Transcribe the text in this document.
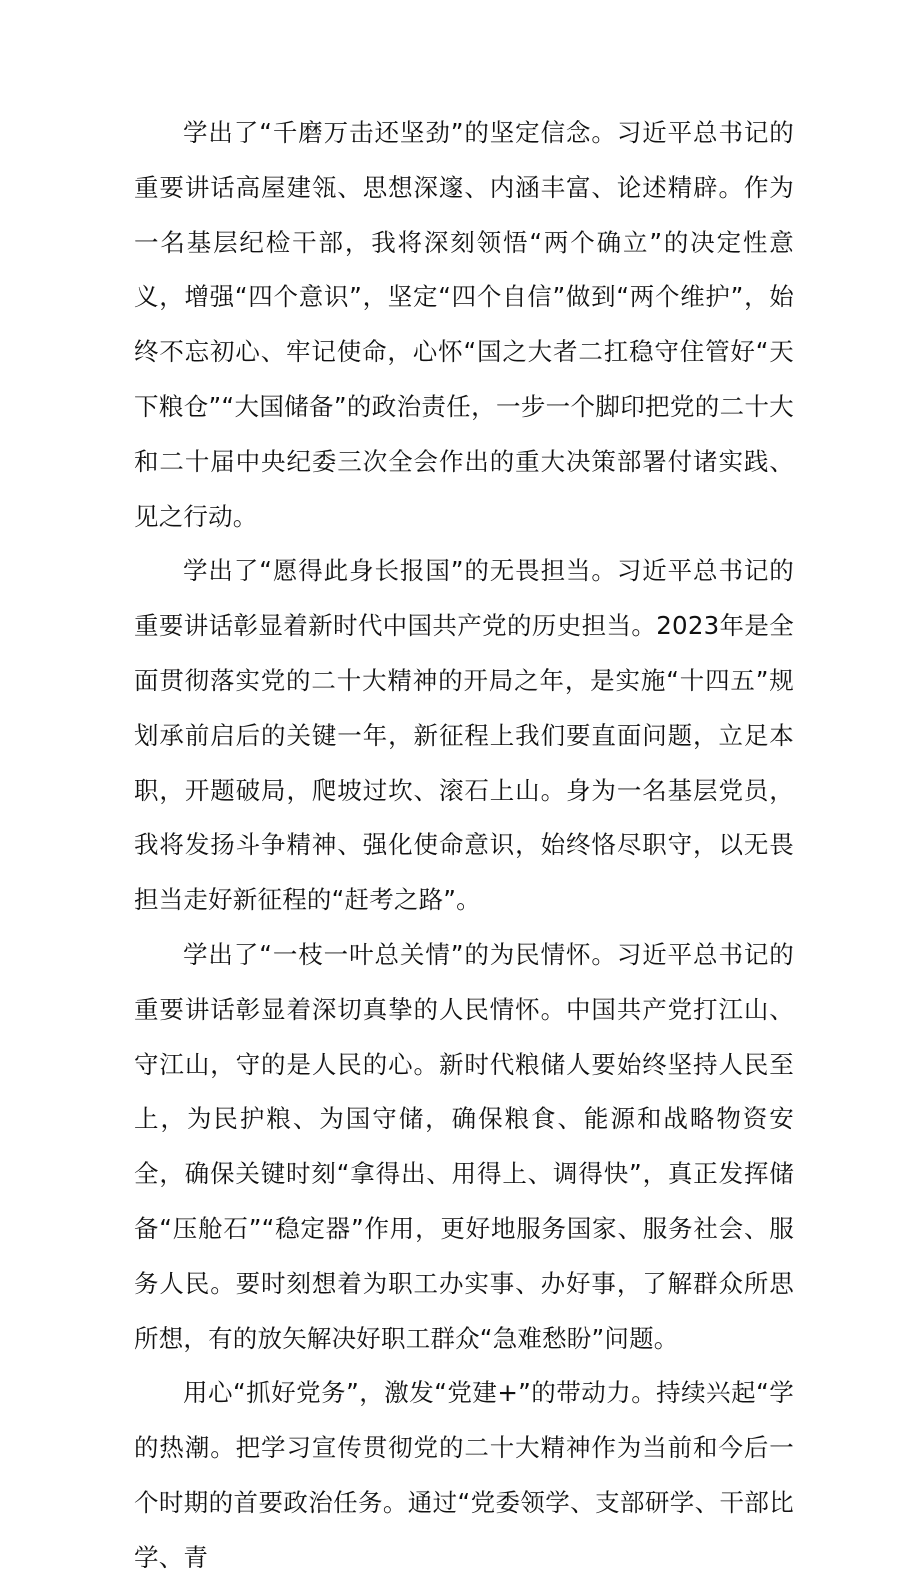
学出了“千磨万击还坚劲”的坚定信念。习近平总书记的重要讲话高屋建瓴、思想深邃、内涵丰富、论述精辟。作为一名基层纪检干部，我将深刻领悟“两个确立”的决定性意义，增强“四个意识”，坚定“四个自信”做到“两个维护”，始终不忘初心、牢记使命，心怀“国之大者二扛稳守住管好“天下粮仓”“大国储备”的政治责任，一步一个脚印把党的二十大和二十届中央纪委三次全会作出的重大决策部署付诸实践、见之行动。

学出了“愿得此身长报国”的无畏担当。习近平总书记的重要讲话彰显着新时代中国共产党的历史担当。2023年是全面贯彻落实党的二十大精神的开局之年，是实施“十四五”规划承前启后的关键一年，新征程上我们要直面问题，立足本职，开题破局，爬坡过坎、滚石上山。身为一名基层党员，我将发扬斗争精神、强化使命意识，始终恪尽职守，以无畏担当走好新征程的“赶考之路”。

学出了“一枝一叶总关情”的为民情怀。习近平总书记的重要讲话彰显着深切真挚的人民情怀。中国共产党打江山、守江山，守的是人民的心。新时代粮储人要始终坚持人民至上，为民护粮、为国守储，确保粮食、能源和战略物资安全，确保关键时刻“拿得出、用得上、调得快”，真正发挥储备“压舱石”“稳定器”作用，更好地服务国家、服务社会、服务人民。要时刻想着为职工办实事、办好事，了解群众所思所想，有的放矢解决好职工群众“急难愁盼”问题。

用心“抓好党务”，激发“党建+”的带动力。持续兴起“学的热潮。把学习宣传贯彻党的二十大精神作为当前和今后一个时期的首要政治任务。通过“党委领学、支部研学、干部比学、青
